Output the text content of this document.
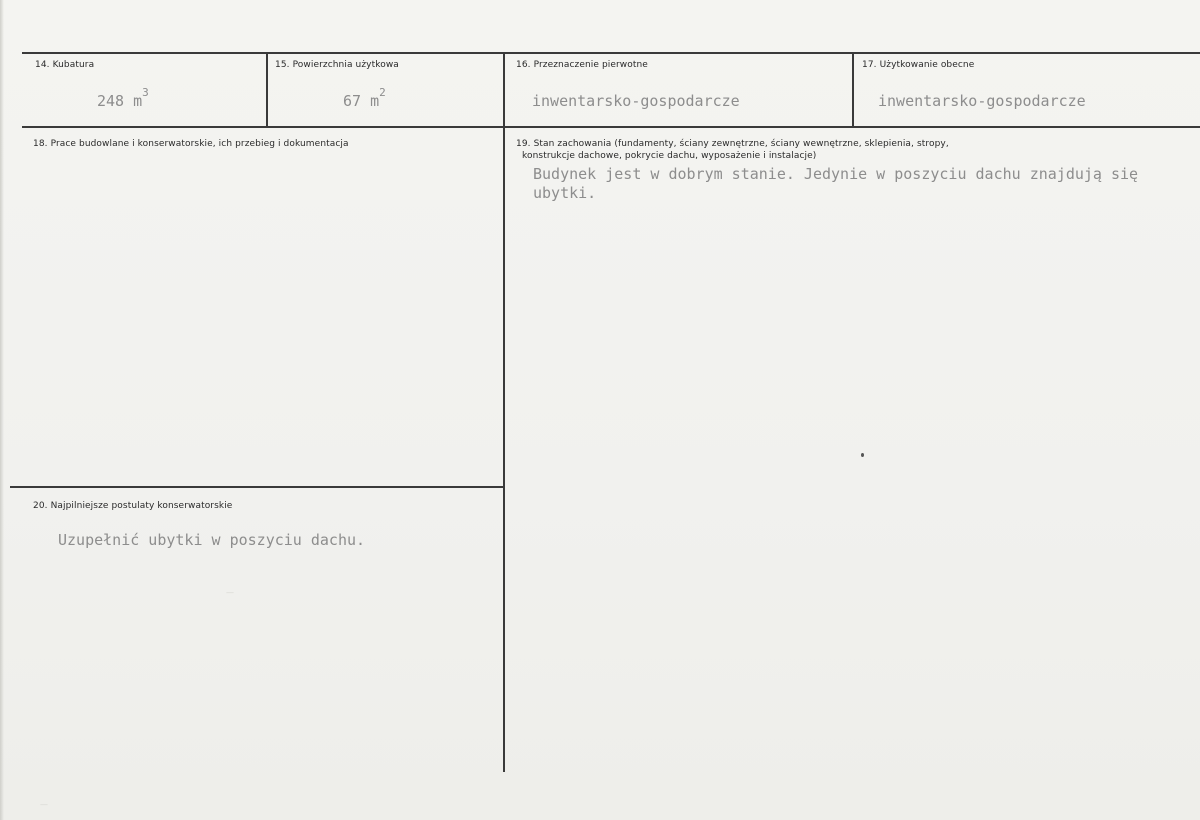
—
—
14. Kubatura
248 $m^3$
15. Powierzchnia użytkowa
67 $m^2$
16. Przeznaczenie pierwotne
inwentarsko-gospodarcze
17. Użytkowanie obecne
inwentarsko-gospodarcze
18. Prace budowlane i konserwatorskie, ich przebieg i dokumentacja	19. Stan zachowania (fundamenty, ściany zewnętrzne, ściany wewnętrzne, sklepienia, stropy,
konstrukcje dachowe, pokrycie dachu, wyposażenie i instalacje)
Budynek jest w dobrym stanie. Jedynie w poszyciu dachu znajdują się ubytki.
20. Najpilniejsze postulaty konserwatorskie
Uzupełnić ubytki w poszyciu dachu.
